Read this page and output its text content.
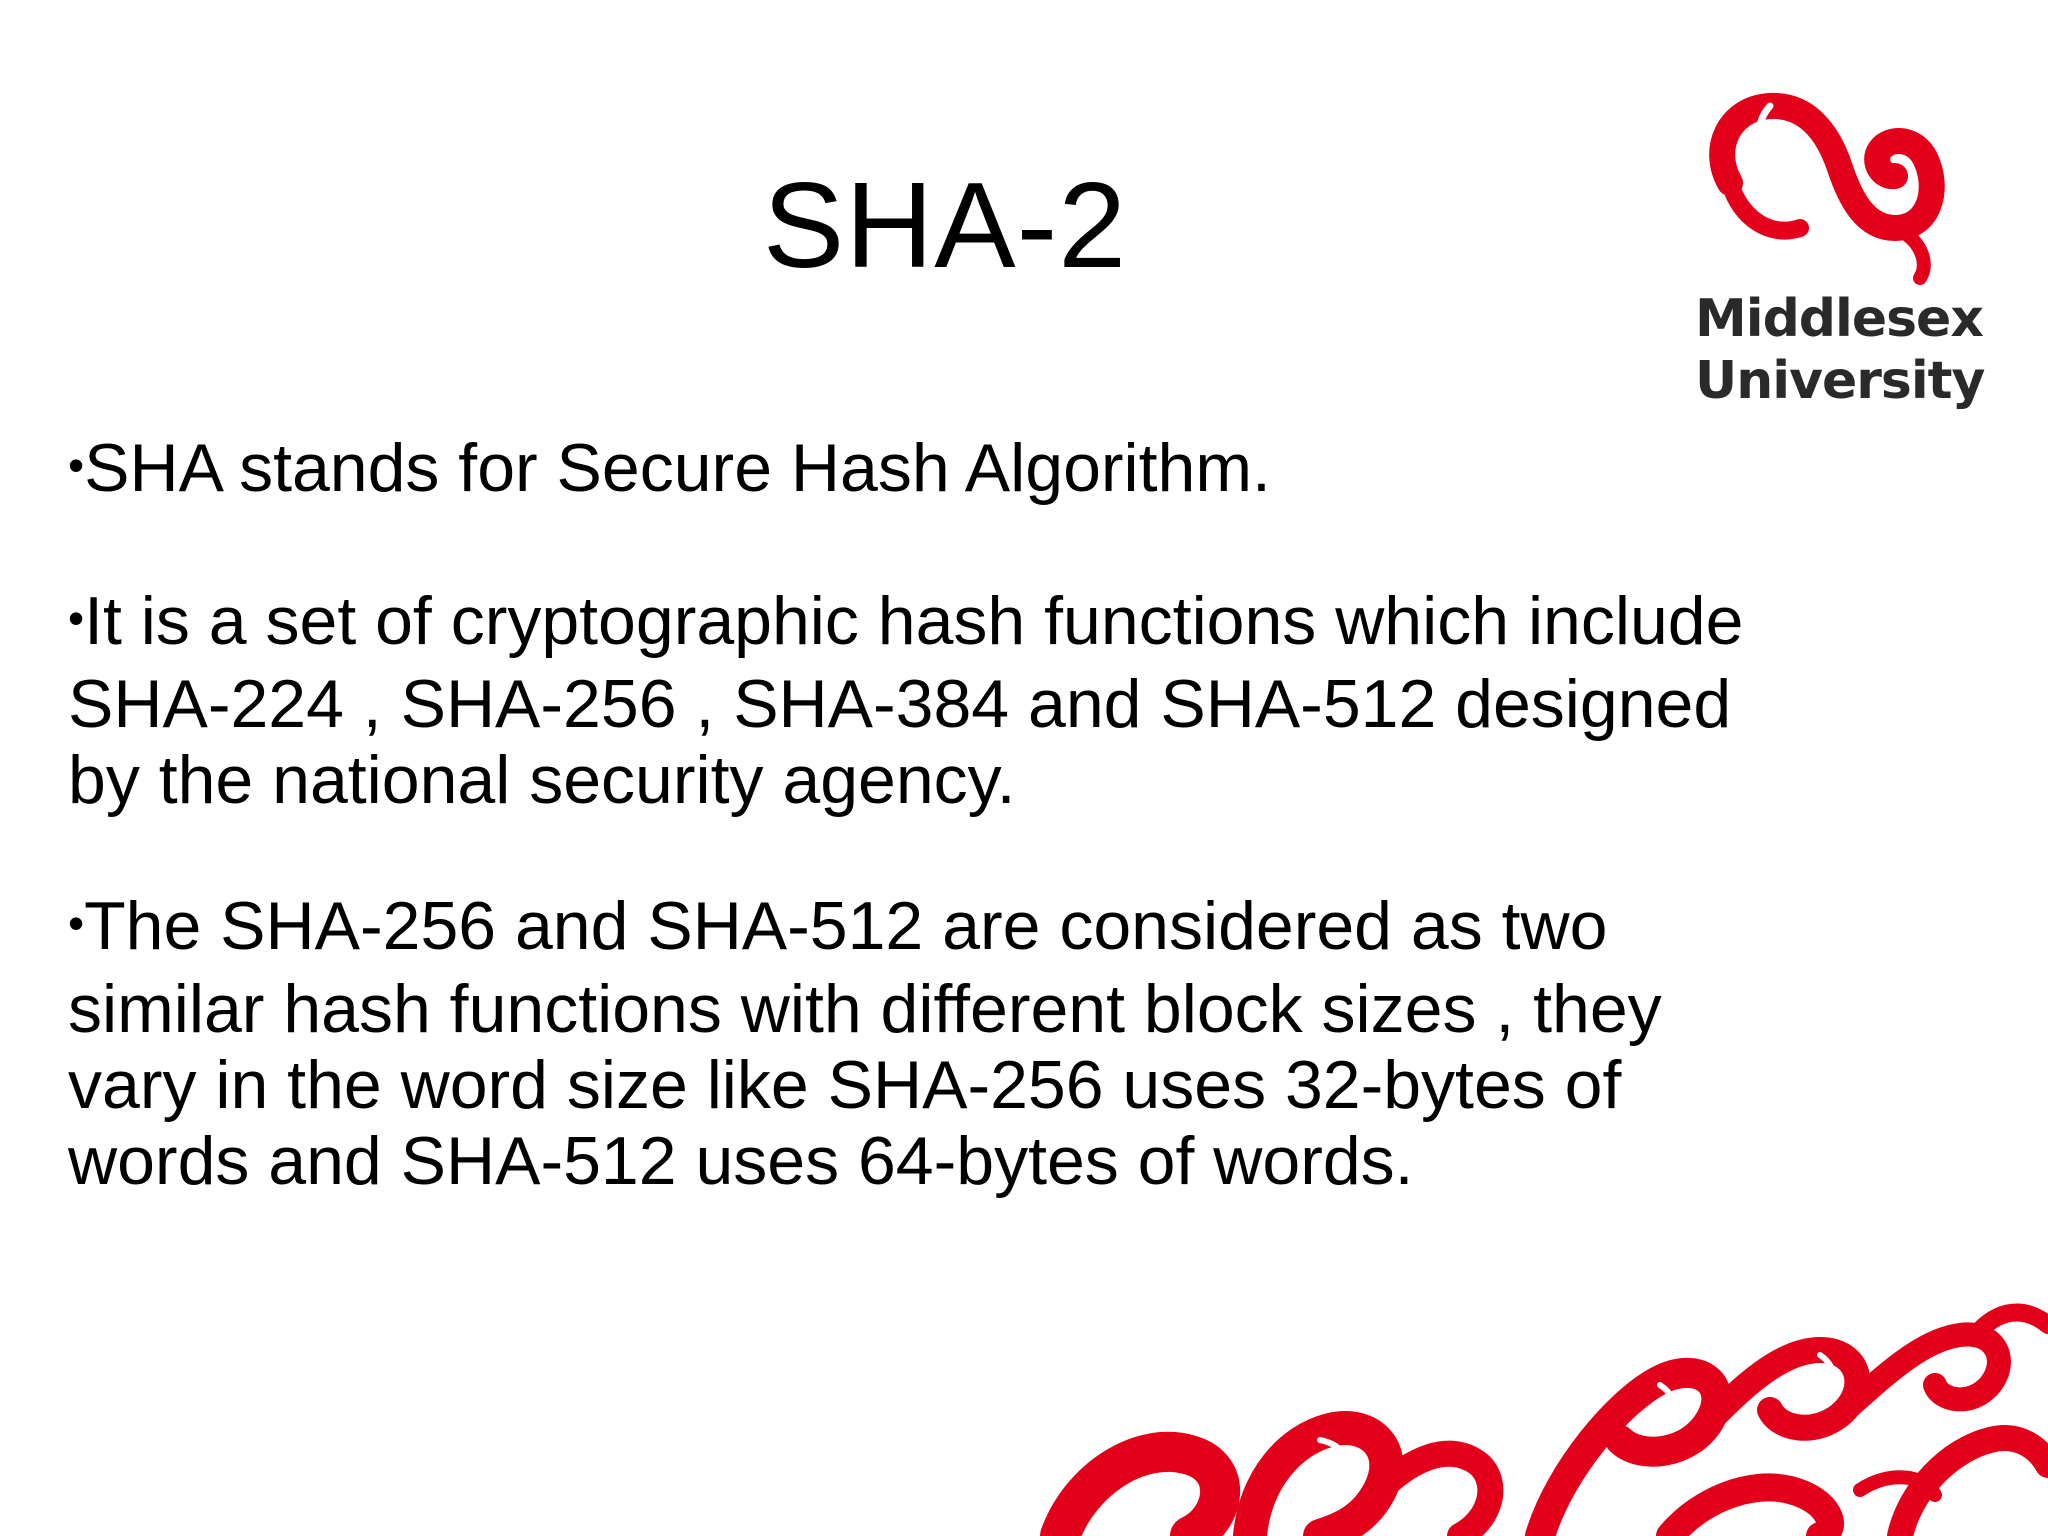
SHA-2
Middlesex
University

•SHA stands for Secure Hash Algorithm.

•It is a set of cryptographic hash functions which include SHA-224 , SHA-256 , SHA-384 and SHA-512 designed by the national security agency.

•The SHA-256 and SHA-512 are considered as two similar hash functions with different block sizes , they vary in the word size like SHA-256 uses 32-bytes of words and SHA-512 uses 64-bytes of words.
